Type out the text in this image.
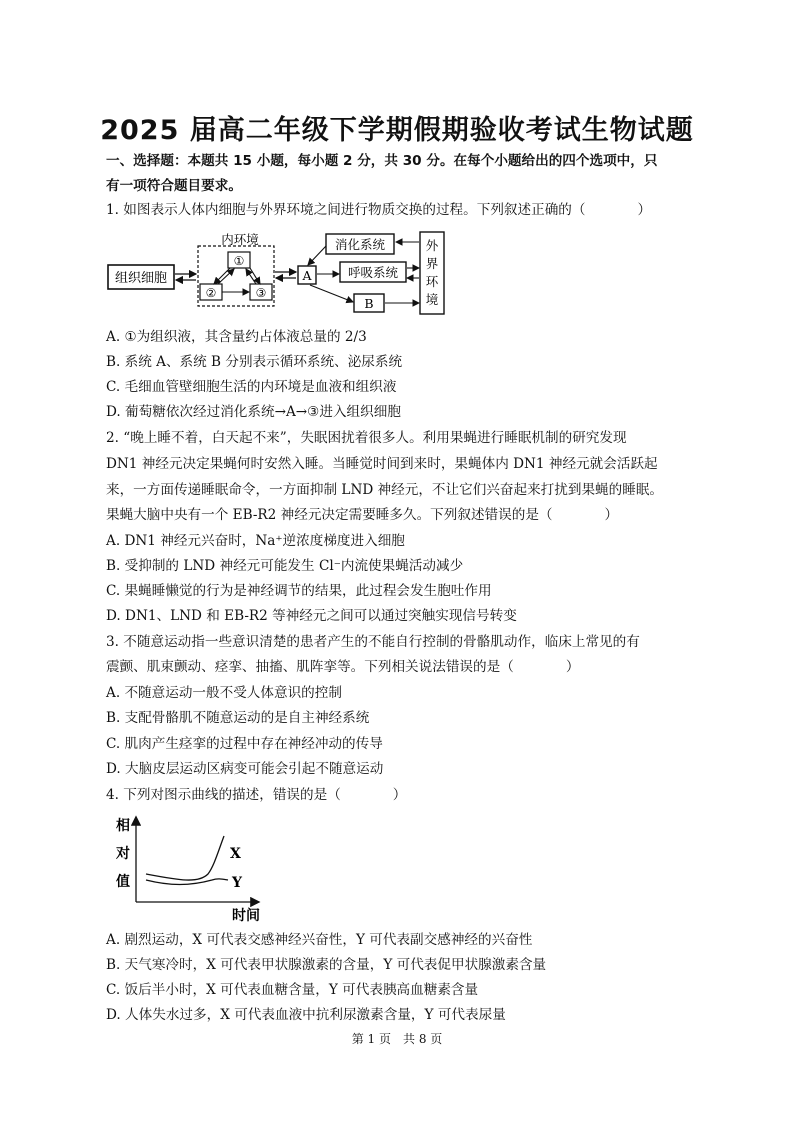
2025 届高二年级下学期假期验收考试生物试题
一、选择题：本题共 15 小题，每小题 2 分，共 30 分。在每个小题给出的四个选项中，只
有一项符合题目要求。
1. 如图表示人体内细胞与外界环境之间进行物质交换的过程。下列叙述正确的（	）
组织细胞
内环境
①
②	③
A
消化系统
呼吸系统
B
外
界
环
境
A. ①为组织液，其含量约占体液总量的 2/3
B. 系统 A、系统 B 分别表示循环系统、泌尿系统
C. 毛细血管壁细胞生活的内环境是血液和组织液
D. 葡萄糖依次经过消化系统→A→③进入组织细胞
2. “晚上睡不着，白天起不来”，失眠困扰着很多人。利用果蝇进行睡眠机制的研究发现
DN1 神经元决定果蝇何时安然入睡。当睡觉时间到来时，果蝇体内 DN1 神经元就会活跃起
来，一方面传递睡眠命令，一方面抑制 LND 神经元，不让它们兴奋起来打扰到果蝇的睡眠。
果蝇大脑中央有一个 EB-R2 神经元决定需要睡多久。下列叙述错误的是（	）
A. DN1 神经元兴奋时，Na⁺逆浓度梯度进入细胞
B. 受抑制的 LND 神经元可能发生 Cl⁻内流使果蝇活动减少
C. 果蝇睡懒觉的行为是神经调节的结果，此过程会发生胞吐作用
D. DN1、LND 和 EB-R2 等神经元之间可以通过突触实现信号转变
3. 不随意运动指一些意识清楚的患者产生的不能自行控制的骨骼肌动作，临床上常见的有
震颤、肌束颤动、痉挛、抽搐、肌阵挛等。下列相关说法错误的是（	）
A. 不随意运动一般不受人体意识的控制
B. 支配骨骼肌不随意运动的是自主神经系统
C. 肌肉产生痉挛的过程中存在神经冲动的传导
D. 大脑皮层运动区病变可能会引起不随意运动
4. 下列对图示曲线的描述，错误的是（	）
相
对
值
X
Y
时间
A. 剧烈运动，X 可代表交感神经兴奋性，Y 可代表副交感神经的兴奋性
B. 天气寒冷时，X 可代表甲状腺激素的含量，Y 可代表促甲状腺激素含量
C. 饭后半小时，X 可代表血糖含量，Y 可代表胰高血糖素含量
D. 人体失水过多，X 可代表血液中抗利尿激素含量，Y 可代表尿量
第 1 页　共 8 页
